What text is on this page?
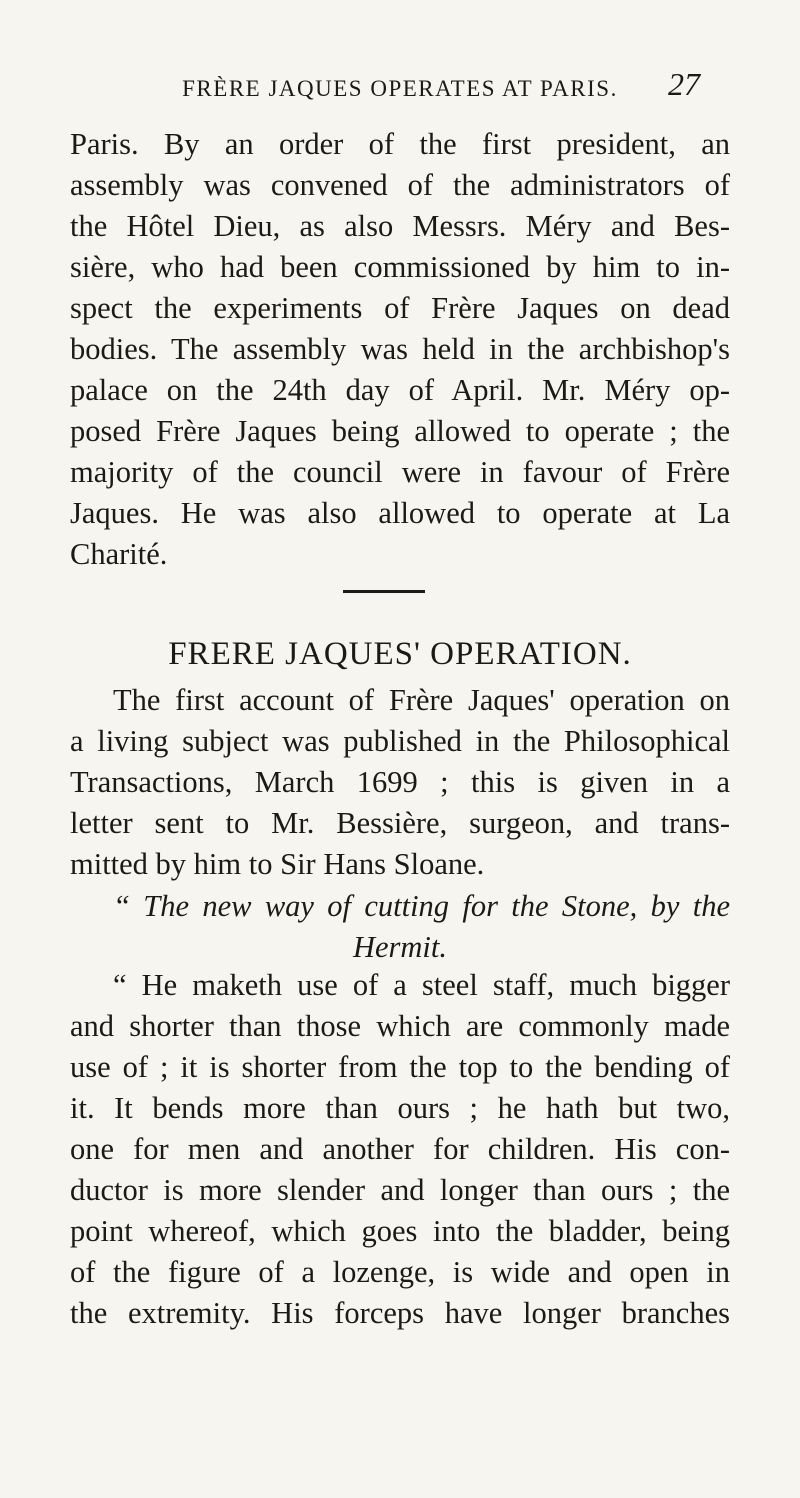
FRÈRE JAQUES OPERATES AT PARIS.	27
Paris. By an order of the first president, an
assembly was convened of the administrators of
the Hôtel Dieu, as also Messrs. Méry and Bes-
sière, who had been commissioned by him to in-
spect the experiments of Frère Jaques on dead
bodies. The assembly was held in the archbishop's
palace on the 24th day of April. Mr. Méry op-
posed Frère Jaques being allowed to operate ; the
majority of the council were in favour of Frère
Jaques. He was also allowed to operate at La
Charité.
FRERE JAQUES' OPERATION.
The first account of Frère Jaques' operation on
a living subject was published in the Philosophical
Transactions, March 1699 ; this is given in a
letter sent to Mr. Bessière, surgeon, and trans-
mitted by him to Sir Hans Sloane.
“ The new way of cutting for the Stone, by the
Hermit.
“ He maketh use of a steel staff, much bigger
and shorter than those which are commonly made
use of ; it is shorter from the top to the bending of
it. It bends more than ours ; he hath but two,
one for men and another for children. His con-
ductor is more slender and longer than ours ; the
point whereof, which goes into the bladder, being
of the figure of a lozenge, is wide and open in
the extremity. His forceps have longer branches
